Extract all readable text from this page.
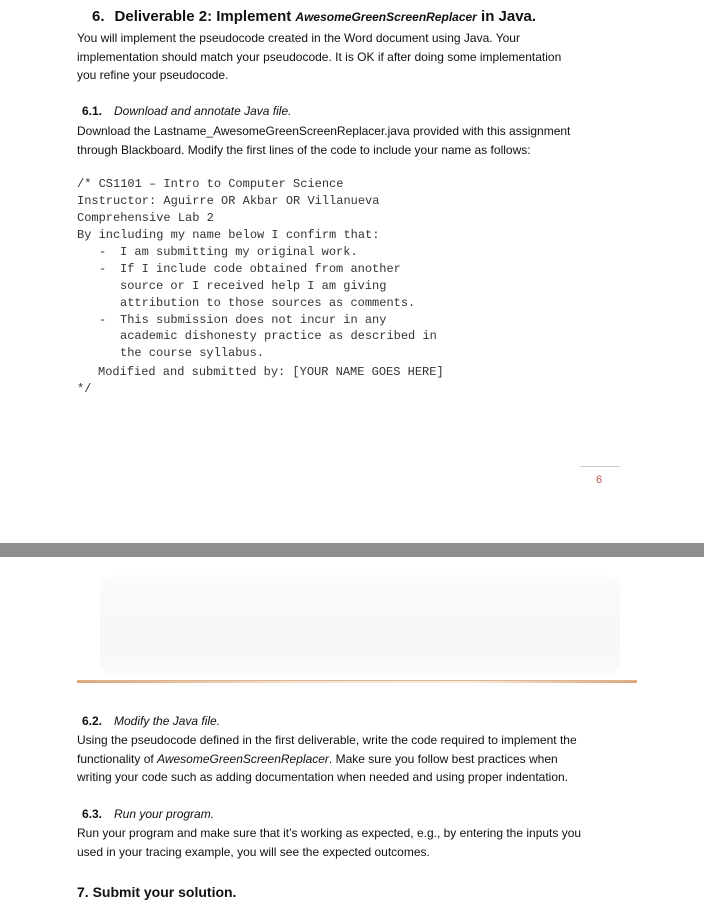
6. Deliverable 2: Implement AwesomeGreenScreenReplacer in Java.

You will implement the pseudocode created in the Word document using Java. Your

implementation should match your pseudocode. It is OK if after doing some implementation

you refine your pseudocode.

6.1. Download and annotate Java file.

Download the Lastname_AwesomeGreenScreenReplacer.java provided with this assignment

through Blackboard. Modify the first lines of the code to include your name as follows:

/* CS1101 – Intro to Computer Science
Instructor: Aguirre OR Akbar OR Villanueva
Comprehensive Lab 2
By including my name below I confirm that:
- I am submitting my original work.
- If I include code obtained from another
source or I received help I am giving
attribution to those sources as comments.
- This submission does not incur in any
academic dishonesty practice as described in
the course syllabus.
Modified and submitted by: [YOUR NAME GOES HERE]
*/
6
6.2. Modify the Java file.

Using the pseudocode defined in the first deliverable, write the code required to implement the

functionality of AwesomeGreenScreenReplacer. Make sure you follow best practices when

writing your code such as adding documentation when needed and using proper indentation.

6.3. Run your program.

Run your program and make sure that it’s working as expected, e.g., by entering the inputs you

used in your tracing example, you will see the expected outcomes.

7. Submit your solution.
